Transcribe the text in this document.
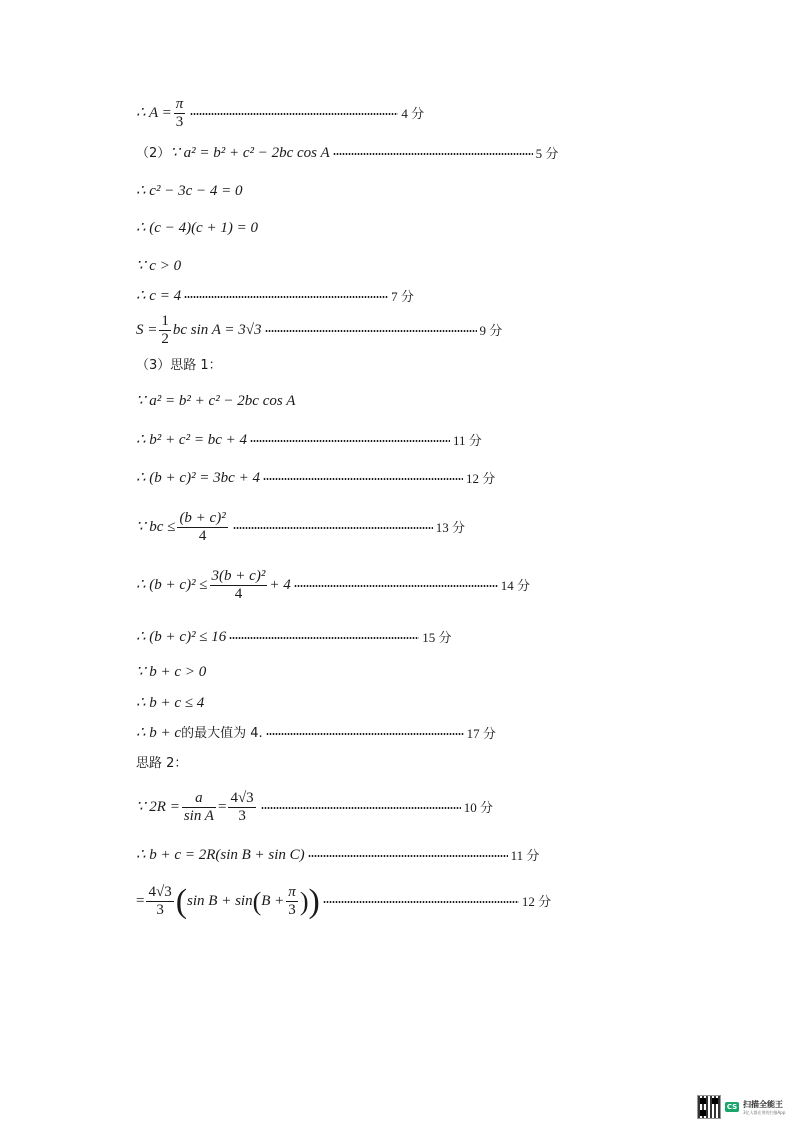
∴ $A = \frac{\pi}{3}$	4 分
（2） ∵ a² = b² + c² − 2bc cos A	5 分
∴ c² − 3c − 4 = 0
∴ (c − 4)(c + 1) = 0
∵ c > 0
∴ c = 4	7 分
$S = \frac{1}{2}$ bc sin A = 3√3	9 分
（3）思路 1：
∵ a² = b² + c² − 2bc cos A
∴ b² + c² = bc + 4	11 分
∴ (b + c)² = 3bc + 4	12 分
∵ bc ≤ $\frac{\text{(b + c)²}}{4}$	13 分
∴ $(b + c)^2 \le \frac{\text{3(b + c)²}}{4} + 4$	14 分
∴ (b + c)² ≤ 16	15 分
∵ b + c > 0
∴ b + c ≤ 4
∴ b + c 的最大值为 4.	17 分
思路 2：
∵ $2R = \frac{a}{\text{sin A}} = \frac{4√3}{3}$	10 分
∴ b + c = 2R(sin B + sin C)	11 分
= $\frac{4√3}{3}$ ( sin B + sin ( $B + \frac{\pi}{3}$ ) )	12 分
CS 扫描全能王
3亿人都在用的扫描App
